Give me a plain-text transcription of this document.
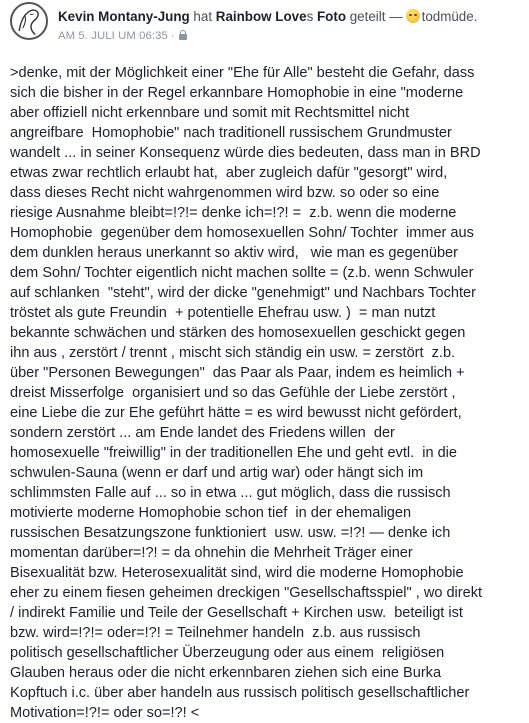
Kevin Montany-Jung hat Rainbow Loves Foto geteilt — todmüde.
AM 5. JULI UM 06:35 ·
>denke, mit der Möglichkeit einer "Ehe für Alle" besteht die Gefahr, dass
sich die bisher in der Regel erkannbare Homophobie in eine "moderne
aber offiziell nicht erkennbare und somit mit Rechtsmittel nicht
angreifbare  Homophobie" nach traditionell russischem Grundmuster
wandelt ... in seiner Konsequenz würde dies bedeuten, dass man in BRD
etwas zwar rechtlich erlaubt hat,  aber zugleich dafür "gesorgt" wird,
dass dieses Recht nicht wahrgenommen wird bzw. so oder so eine
riesige Ausnahme bleibt=!?!= denke ich=!?! =  z.b. wenn die moderne
Homophobie  gegenüber dem homosexuellen Sohn/ Tochter  immer aus
dem dunklen heraus unerkannt so aktiv wird,   wie man es gegenüber
dem Sohn/ Tochter eigentlich nicht machen sollte = (z.b. wenn Schwuler
auf schlanken  "steht", wird der dicke "genehmigt" und Nachbars Tochter
tröstet als gute Freundin  + potentielle Ehefrau usw. )  = man nutzt
bekannte schwächen und stärken des homosexuellen geschickt gegen
ihn aus , zerstört / trennt , mischt sich ständig ein usw. = zerstört  z.b.
über "Personen Bewegungen"  das Paar als Paar, indem es heimlich +
dreist Misserfolge  organisiert und so das Gefühle der Liebe zerstört ,
eine Liebe die zur Ehe geführt hätte = es wird bewusst nicht gefördert,
sondern zerstört ... am Ende landet des Friedens willen  der
homosexuelle "freiwillig" in der traditionellen Ehe und geht evtl.  in die
schwulen-Sauna (wenn er darf und artig war) oder hängt sich im
schlimmsten Falle auf ... so in etwa ... gut möglich, dass die russisch
motivierte moderne Homophobie schon tief  in der ehemaligen
russischen Besatzungszone funktioniert  usw. usw. =!?! — denke ich
momentan darüber=!?! = da ohnehin die Mehrheit Träger einer
Bisexualität bzw. Heterosexualität sind, wird die moderne Homophobie
eher zu einem fiesen geheimen dreckigen "Gesellschaftsspiel" , wo direkt
/ indirekt Familie und Teile der Gesellschaft + Kirchen usw.  beteiligt ist
bzw. wird=!?!= oder=!?! = Teilnehmer handeln  z.b. aus russisch
politisch gesellschaftlicher Überzeugung oder aus einem  religiösen
Glauben heraus oder die nicht erkennbaren ziehen sich eine Burka
Kopftuch i.c. über aber handeln aus russisch politisch gesellschaftlicher
Motivation=!?!= oder so=!?! <
